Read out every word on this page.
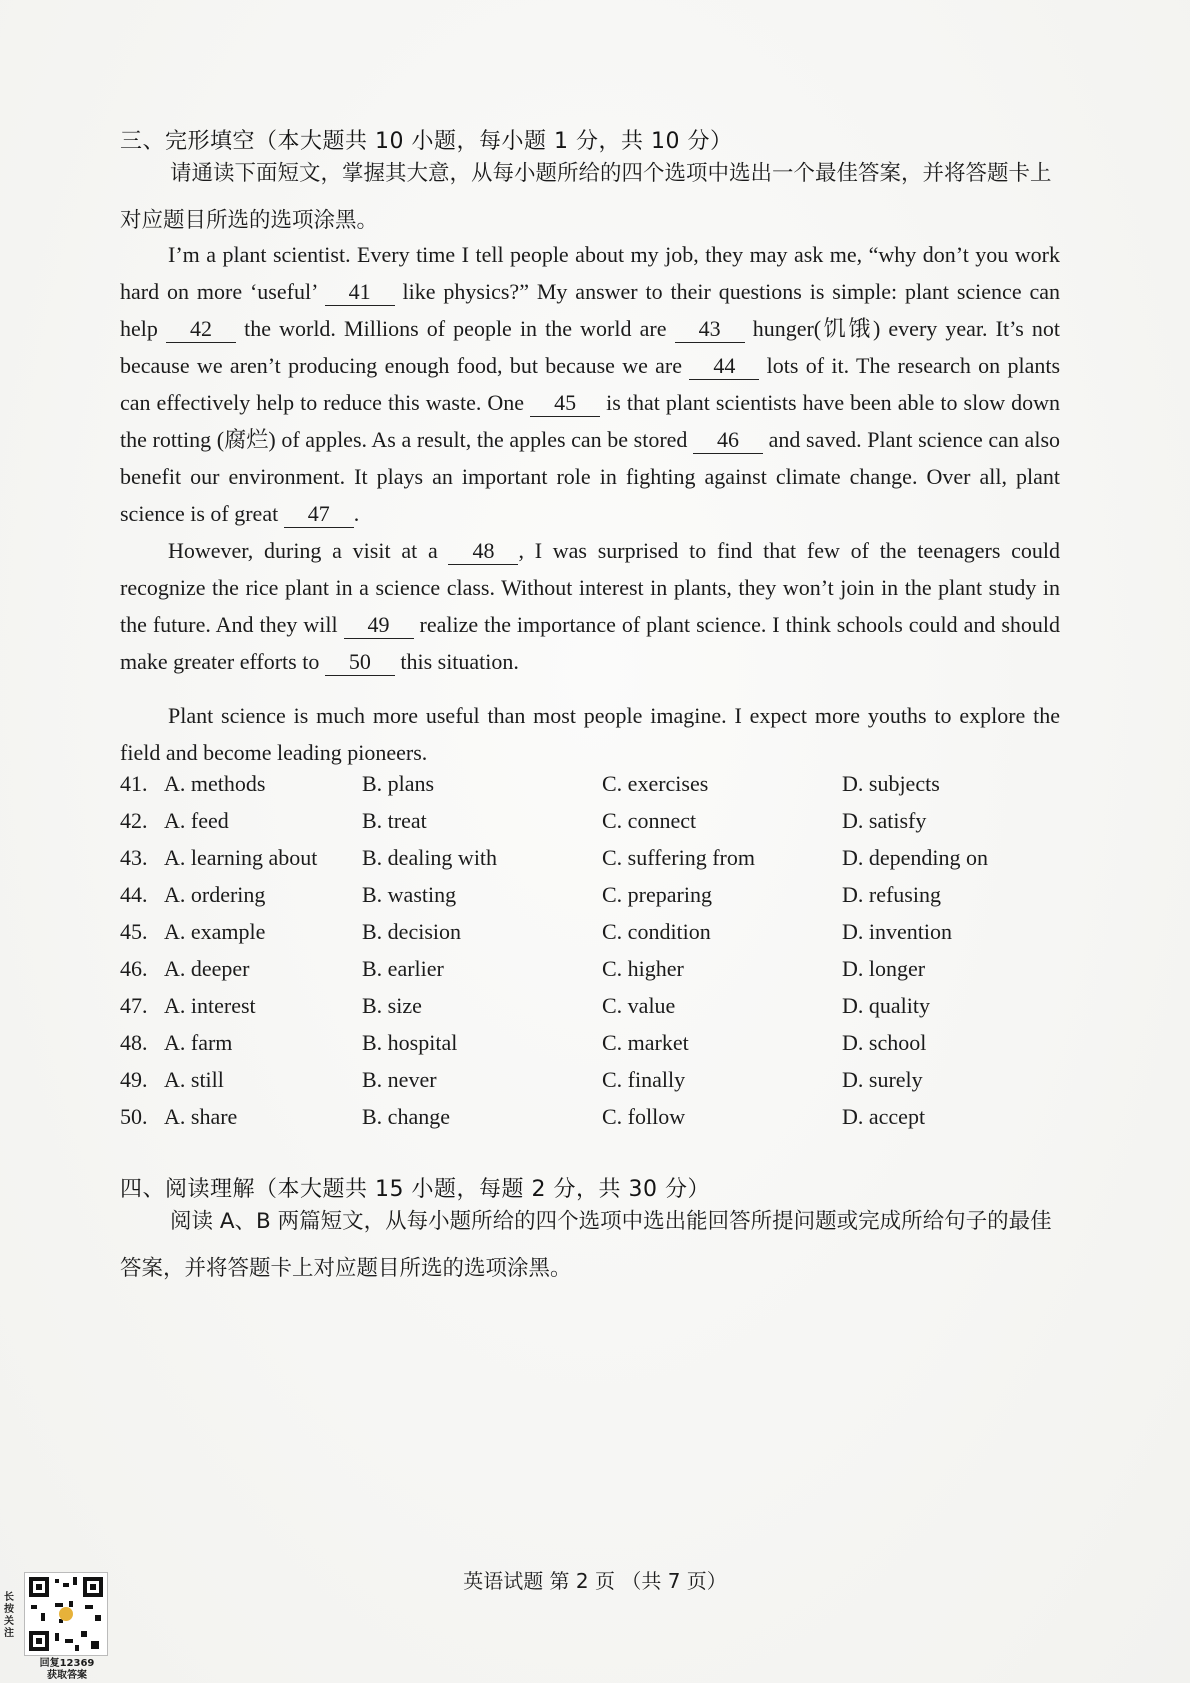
三、完形填空（本大题共 10 小题，每小题 1 分，共 10 分）
请通读下面短文，掌握其大意，从每小题所给的四个选项中选出一个最佳答案，并将答题卡上对应题目所选的选项涂黑。
I’m a plant scientist. Every time I tell people about my job, they may ask me, “why don’t you work hard on more ‘useful’ 41 like physics?” My answer to their questions is simple: plant science can help 42 the world. Millions of people in the world are 43 hunger(饥饿) every year. It’s not because we aren’t producing enough food, but because we are 44 lots of it. The research on plants can effectively help to reduce this waste. One 45 is that plant scientists have been able to slow down the rotting (腐烂) of apples. As a result, the apples can be stored 46 and saved. Plant science can also benefit our environment. It plays an important role in fighting against climate change. Over all, plant science is of great 47 .
However, during a visit at a 48 , I was surprised to find that few of the teenagers could recognize the rice plant in a science class. Without interest in plants, they won’t join in the plant study in the future. And they will 49 realize the importance of plant science. I think schools could and should make greater efforts to 50 this situation.
Plant science is much more useful than most people imagine. I expect more youths to explore the field and become leading pioneers.
41. A. methods	B. plans	C. exercises	D. subjects
42. A. feed	B. treat	C. connect	D. satisfy
43. A. learning about B. dealing with	C. suffering from	D. depending on
44. A. ordering	B. wasting	C. preparing	D. refusing
45. A. example	B. decision	C. condition	D. invention
46. A. deeper	B. earlier	C. higher	D. longer
47. A. interest	B. size	C. value	D. quality
48. A. farm	B. hospital	C. market	D. school
49. A. still	B. never	C. finally	D. surely
50. A. share	B. change	C. follow	D. accept
四、阅读理解（本大题共 15 小题，每题 2 分，共 30 分）
阅读 A、B 两篇短文，从每小题所给的四个选项中选出能回答所提问题或完成所给句子的最佳答案，并将答题卡上对应题目所选的选项涂黑。
英语试题 第 2 页 （共 7 页）
长按关注
回复12369
获取答案
